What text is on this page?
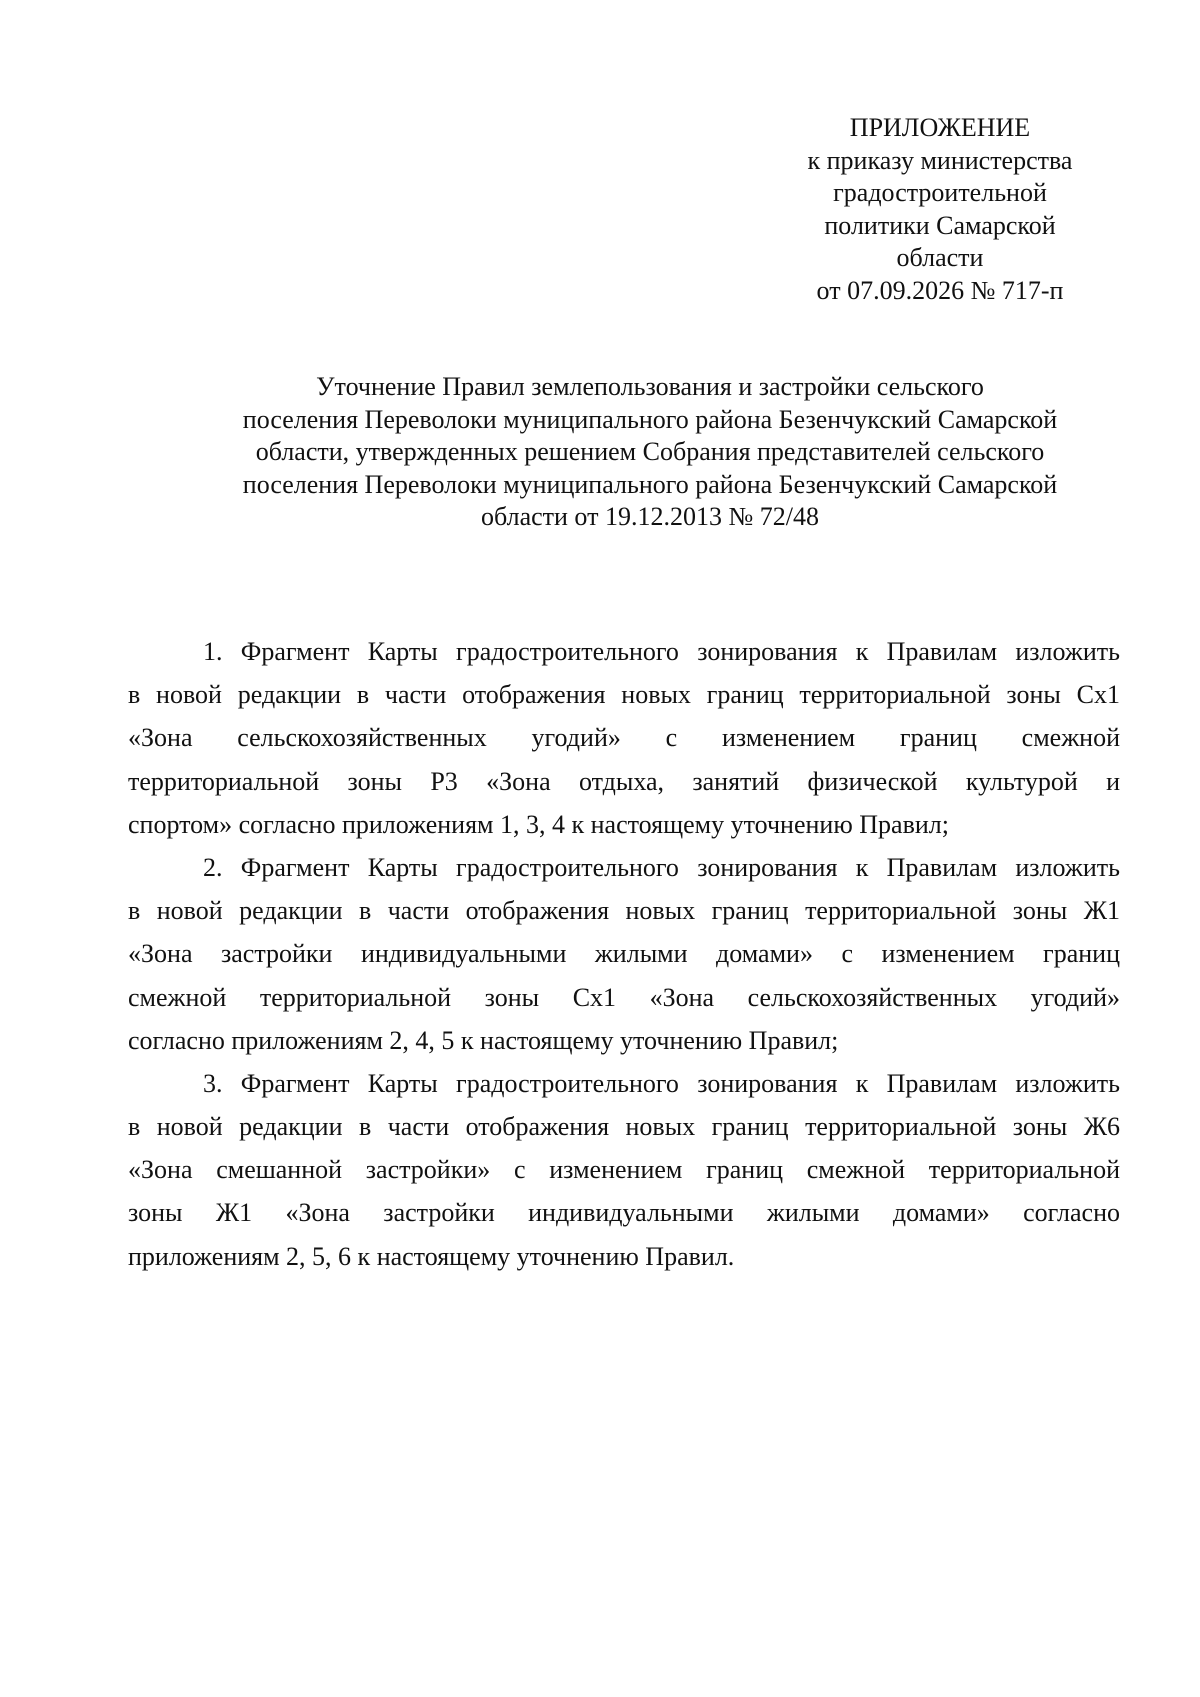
ПРИЛОЖЕНИЕ
к приказу министерства
градостроительной
политики Самарской
области
от 07.09.2026 № 717-п
Уточнение Правил землепользования и застройки сельского
поселения Переволоки муниципального района Безенчукский Самарской
области, утвержденных решением Собрания представителей сельского
поселения Переволоки муниципального района Безенчукский Самарской
области от 19.12.2013 № 72/48
1. Фрагмент Карты градостроительного зонирования к Правилам изложить
в новой редакции в части отображения новых границ территориальной зоны Сх1
«Зона сельскохозяйственных угодий» с изменением границ смежной
территориальной зоны Р3 «Зона отдыха, занятий физической культурой и
спортом» согласно приложениям 1, 3, 4 к настоящему уточнению Правил;
2. Фрагмент Карты градостроительного зонирования к Правилам изложить
в новой редакции в части отображения новых границ территориальной зоны Ж1
«Зона застройки индивидуальными жилыми домами» с изменением границ
смежной территориальной зоны Сх1 «Зона сельскохозяйственных угодий»
согласно приложениям 2, 4, 5 к настоящему уточнению Правил;
3. Фрагмент Карты градостроительного зонирования к Правилам изложить
в новой редакции в части отображения новых границ территориальной зоны Ж6
«Зона смешанной застройки» с изменением границ смежной территориальной
зоны Ж1 «Зона застройки индивидуальными жилыми домами» согласно
приложениям 2, 5, 6 к настоящему уточнению Правил.
